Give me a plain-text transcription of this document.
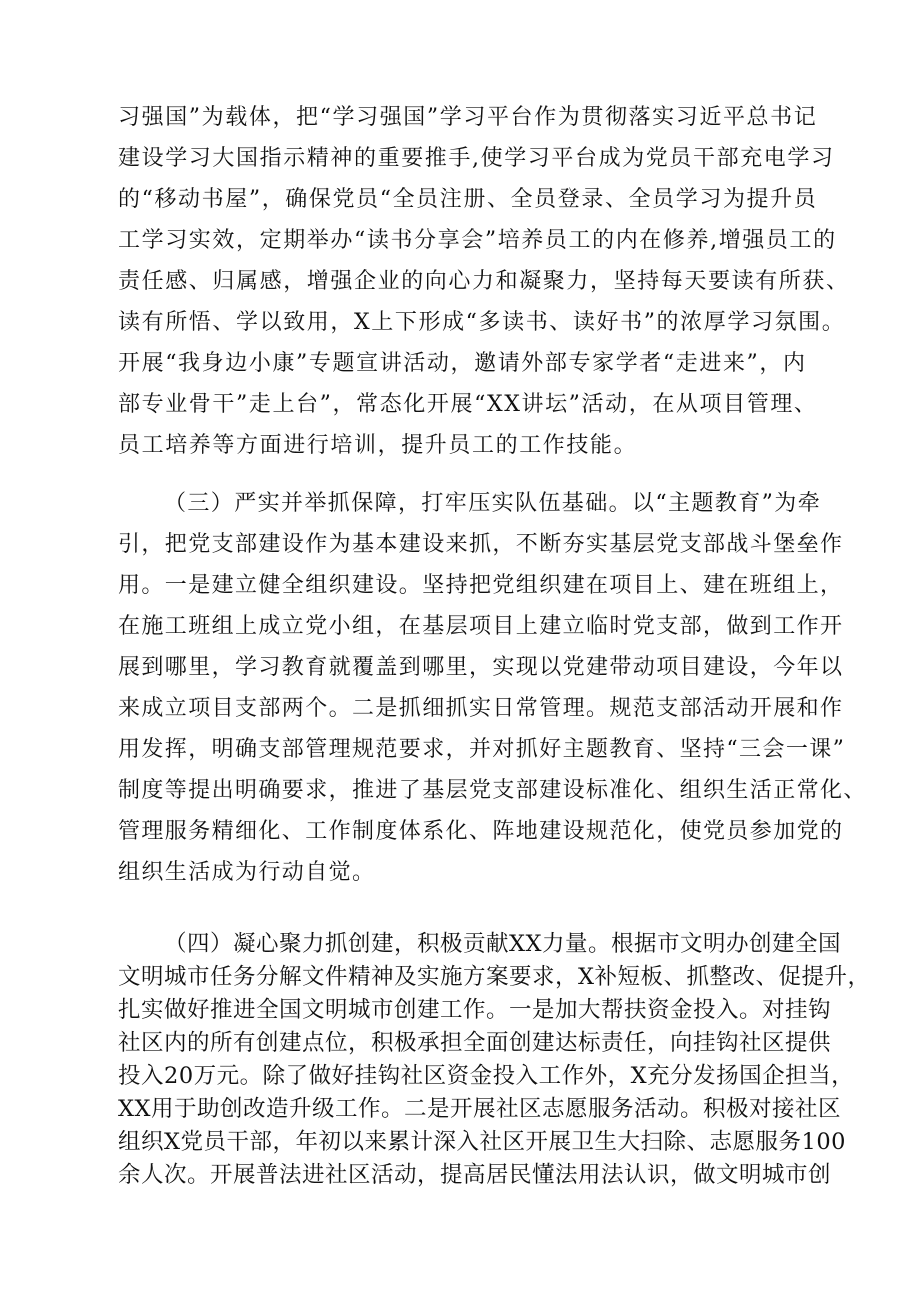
习强国”为载体，把“学习强国”学习平台作为贯彻落实习近平总书记

建设学习大国指示精神的重要推手,使学习平台成为党员干部充电学习

的“移动书屋”，确保党员“全员注册、全员登录、全员学习为提升员

工学习实效，定期举办“读书分享会”培养员工的内在修养,增强员工的

责任感、归属感，增强企业的向心力和凝聚力，坚持每天要读有所获、

读有所悟、学以致用，X上下形成“多读书、读好书”的浓厚学习氛围。

开展“我身边小康”专题宣讲活动，邀请外部专家学者“走进来”，内

部专业骨干”走上台”，常态化开展“XX讲坛”活动，在从项目管理、

员工培养等方面进行培训，提升员工的工作技能。

（三）严实并举抓保障，打牢压实队伍基础。以“主题教育”为牵

引，把党支部建设作为基本建设来抓，不断夯实基层党支部战斗堡垒作

用。一是建立健全组织建设。坚持把党组织建在项目上、建在班组上，

在施工班组上成立党小组，在基层项目上建立临时党支部，做到工作开

展到哪里，学习教育就覆盖到哪里，实现以党建带动项目建设，今年以

来成立项目支部两个。二是抓细抓实日常管理。规范支部活动开展和作

用发挥，明确支部管理规范要求，并对抓好主题教育、坚持“三会一课”

制度等提出明确要求，推进了基层党支部建设标准化、组织生活正常化、

管理服务精细化、工作制度体系化、阵地建设规范化，使党员参加党的

组织生活成为行动自觉。

（四）凝心聚力抓创建，积极贡献XX力量。根据市文明办创建全国

文明城市任务分解文件精神及实施方案要求，X补短板、抓整改、促提升，

扎实做好推进全国文明城市创建工作。一是加大帮扶资金投入。对挂钩

社区内的所有创建点位，积极承担全面创建达标责任，向挂钩社区提供

投入20万元。除了做好挂钩社区资金投入工作外，X充分发扬国企担当，

XX用于助创改造升级工作。二是开展社区志愿服务活动。积极对接社区

组织X党员干部，年初以来累计深入社区开展卫生大扫除、志愿服务100

余人次。开展普法进社区活动，提高居民懂法用法认识，做文明城市创
